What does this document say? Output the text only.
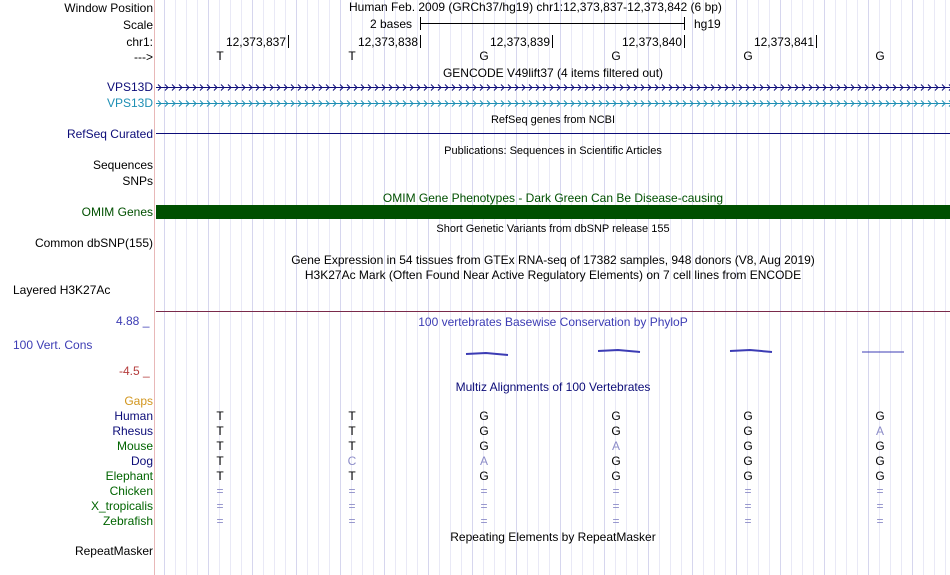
Window Position	Human Feb. 2009 (GRCh37/hg19) chr1:12,373,837-12,373,842 (6 bp)
Scale	2 bases	hg19
chr1:	12,373,837	12,373,838	12,373,839	12,373,840	12,373,841
--->	T	T	G	G	G	G
GENCODE V49lift37 (4 items filtered out)
VPS13D
VPS13D
RefSeq genes from NCBI
RefSeq Curated
Publications: Sequences in Scientific Articles
Sequences
SNPs
OMIM Gene Phenotypes - Dark Green Can Be Disease-causing
OMIM Genes
Short Genetic Variants from dbSNP release 155
Common dbSNP(155)
Gene Expression in 54 tissues from GTEx RNA-seq of 17382 samples, 948 donors (V8, Aug 2019)
H3K27Ac Mark (Often Found Near Active Regulatory Elements) on 7 cell lines from ENCODE
Layered H3K27Ac
4.88 _	100 vertebrates Basewise Conservation by PhyloP
100 Vert. Cons
-4.5 _
Multiz Alignments of 100 Vertebrates
Gaps
Human	T	T	G	G	G	G
Rhesus	T	T	G	G	G	A
Mouse	T	T	G	A	G	G
Dog	T	C	A	G	G	G
Elephant	T	T	G	G	G	G
Chicken	=	=	=	=	=	=
X_tropicalis	=	=	=	=	=	=
Zebrafish	=	=	=	=	=	=
Repeating Elements by RepeatMasker
RepeatMasker
